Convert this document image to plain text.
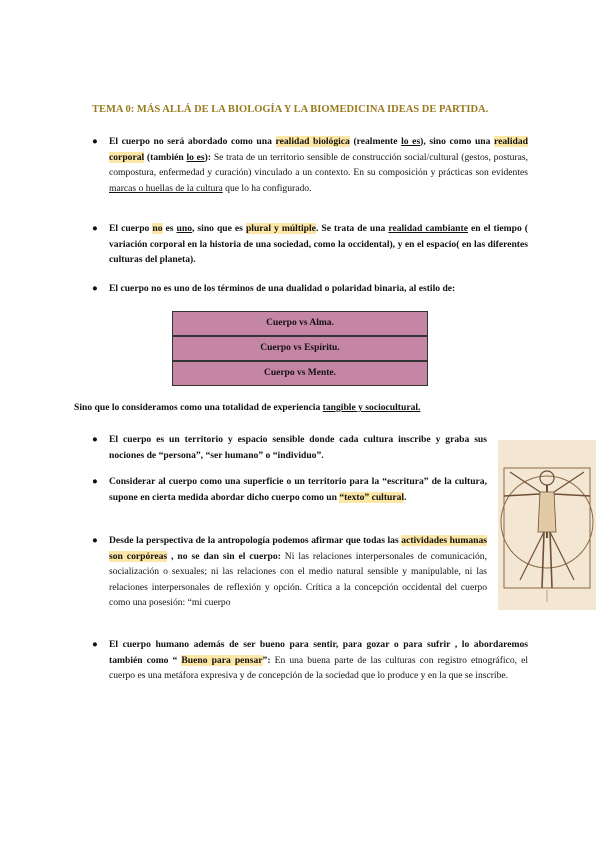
TEMA 0: MÁS ALLÁ DE LA BIOLOGÍA Y LA BIOMEDICINA IDEAS DE PARTIDA.
● El cuerpo no será abordado como una realidad biológica (realmente lo es), sino como una realidad corporal (también lo es): Se trata de un territorio sensible de construcción social/cultural (gestos, posturas, compostura, enfermedad y curación) vinculado a un contexto. En su composición y prácticas son evidentes marcas o huellas de la cultura que lo ha configurado.
● El cuerpo no es uno, sino que es plural y múltiple. Se trata de una realidad cambiante en el tiempo ( variación corporal en la historia de una sociedad, como la occidental), y en el espacio( en las diferentes culturas del planeta).
● El cuerpo no es uno de los términos de una dualidad o polaridad binaria, al estilo de:
Cuerpo vs Alma.
Cuerpo vs Espíritu.
Cuerpo vs Mente.
Sino que lo consideramos como una totalidad de experiencia tangible y sociocultural.
● El cuerpo es un territorio y espacio sensible donde cada cultura inscribe y graba sus nociones de “persona”, “ser humano” o “individuo”.
● Considerar al cuerpo como una superficie o un territorio para la “escritura” de la cultura, supone en cierta medida abordar dicho cuerpo como un “texto” cultural.
● Desde la perspectiva de la antropología podemos afirmar que todas las actividades humanas son corpóreas , no se dan sin el cuerpo: Ni las relaciones interpersonales de comunicación, socialización o sexuales; ni las relaciones con el medio natural sensible y manipulable, ni las relaciones interpersonales de reflexión y opción. Crítica a la concepción occidental del cuerpo como una posesión: “mi cuerpo
● El cuerpo humano además de ser bueno para sentir, para gozar o para sufrir , lo abordaremos también como “ Bueno para pensar”: En una buena parte de las culturas con registro etnográfico, el cuerpo es una metáfora expresiva y de concepción de la sociedad que lo produce y en la que se inscribe.
